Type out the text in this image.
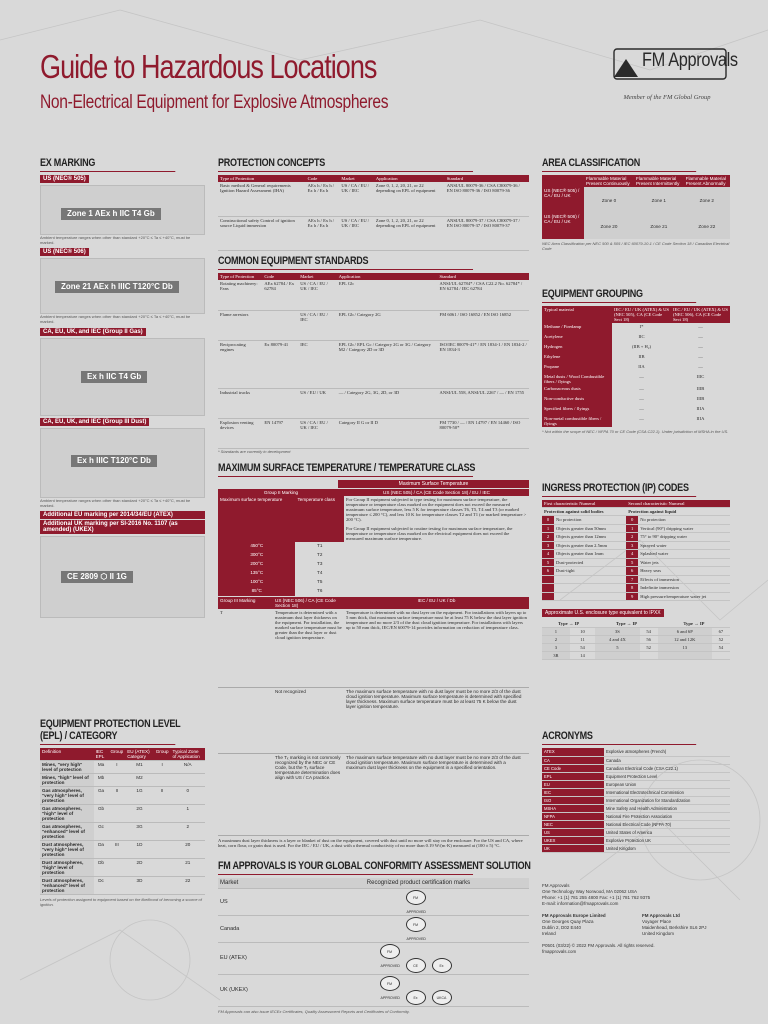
Guide to Hazardous Locations
Non-Electrical Equipment for Explosive Atmospheres
FM Approvals
Member of the FM Global Group
EX MARKING
US (NEC® 505)
Zone 1 AEx h IIC T4 Gb
Ambient temperature ranges when other than standard +20°C ≤ Ta ≤ +40°C, must be marked.
US (NEC® 506)
Zone 21 AEx h IIIC T120°C Db
Ambient temperature ranges when other than standard +20°C ≤ Ta ≤ +40°C, must be marked.
CA, EU, UK, and IEC (Group II Gas)
Ex h IIC T4 Gb
CA, EU, UK, and IEC (Group III Dust)
Ex h IIIC T120°C Db
Ambient temperature ranges when other than standard +20°C ≤ Ta ≤ +40°C, must be marked.
Additional EU marking per 2014/34/EU (ATEX)
Additional UK marking per SI-2016 No. 1107 (as amended) (UKEX)
CE 2809 ⬡ II 1G
EQUIPMENT PROTECTION LEVEL
(EPL) / CATEGORY
Definition	IEC EPL	Group	EU (ATEX) Category	Group	Typical Zone of Application
Mines, "very high" level of protection	Ma	I	M1	I	N/A
Mines, "high" level of protection	Mb		M2		
Gas atmospheres, "very high" level of protection	Ga	II	1G	II	0
Gas atmospheres, "high" level of protection	Gb		2G		1
Gas atmospheres, "enhanced" level of protection	Gc		3G		2
Dust atmospheres, "very high" level of protection	Da	III	1D		20
Dust atmospheres, "high" level of protection	Db		2D		21
Dust atmospheres, "enhanced" level of protection	Dc		3D		22
Levels of protection assigned to equipment based on the likelihood of becoming a source of ignition.
PROTECTION CONCEPTS
Type of Protection	Code	Market	Application	Standard
Basic method & General requirements Ignition Hazard Assessment (IHA)	AEx h / Ex h / Ex h / Ex h	US / CA / EU / UK / IEC	Zone 0, 1, 2, 20, 21, or 22 depending on EPL of equipment	ANSI/UL 80079-36 / CSA C80079-36 / EN ISO 80079-36 / ISO 80079-36
Constructional safety Control of ignition source Liquid immersion	AEx h / Ex h / Ex h / Ex h	US / CA / EU / UK / IEC	Zone 0, 1, 2, 20, 21, or 22 depending on EPL of equipment	ANSI/UL 80079-37 / CSA C80079-37 / EN ISO 80079-37 / ISO 80079-37
COMMON EQUIPMENT STANDARDS
Type of Protection	Code	Market	Application	Standard
Rotating machinery: Fans	AEx 62784 / Ex 62784	US / CA / EU / UK / IEC	EPL Gb	ANSI/UL 62784* / CSA C22.2 No. 62784* / EN 62784 / IEC 62784
Flame arrestors		US / CA / EU / IEC	EPL Gb / Category 2G	FM 6061 / ISO 16852 / EN ISO 16852
Reciprocating engines	Ex 80079-41	IEC	EPL Gb / EPL Gc / Category 2G or 3G / Category M2 / Category 2D or 3D	ISO/IEC 80079-41* / EN 1834-1 / EN 1834-2 / EN 1834-3
Industrial trucks		US / EU / UK	— / Category 2G, 3G, 2D, or 3D	ANSI/UL 558, ANSI/UL 2267 / — / EN 1755
Explosion venting devices	EN 14797	US / CA / EU / UK / IEC	Category II G or II D	FM 7730 / — / EN 14797 / EN 14460 / ISO 80079-50*
* Standards are currently in development
MAXIMUM SURFACE TEMPERATURE / TEMPERATURE CLASS
Maximum Surface Temperature
Group II Marking		US (NEC 505) / CA (CE Code Section 18) / EU / IEC
Maximum surface temperature	Temperature class	For Group II equipment subjected to type testing for maximum surface temperature, the temperature or temperature class marked on the equipment does not exceed the measured maximum surface temperature, less 5 K for temperature classes T6, T5, T4 and T3 (or marked temperature ≤ 200 °C), and less 10 K for temperature classes T2 and T1 (or marked temperature > 200 °C).
For Group II equipment subjected to routine testing for maximum surface temperature, the temperature or temperature class marked on the electrical equipment does not exceed the measured maximum surface temperature.

450°C	T1	
300°C	T2	
200°C	T3	
135°C	T4	
100°C	T5	
85°C	T6	
Group III Marking	US (NEC 506) / CA (CE Code Section 18)	IEC / EU / UK / Db
T​​	Temperature is determined with a maximum dust layer thickness on the equipment. For installation, the marked surface temperature must be greater than the dust layer or dust cloud ignition temperature.	Temperature is determined with no dust layer on the equipment. For installations with layers up to 5 mm thick, that maximum surface temperature must be at least 75 K below the dust layer ignition temperature and no more 2/3 of the dust cloud ignition temperature. For installations with layers up to 50 mm thick, IEC/EN 60079-14 provides information on reduction of temperature class.
	Not recognized	The maximum surface temperature with no dust layer must be no more 2/3 of the dust cloud ignition temperature. Maximum surface temperature is determined with specified layer thickness. Maximum surface temperature must be at least 75 K below the dust layer ignition temperature.
	The Tₓ marking is not commonly recognized by the NEC or CE Code, but the Tₓ surface temperature determination does align with US / CA practice.	The maximum surface temperature with no dust layer must be no more 2/3 of the dust cloud ignition temperature. Maximum surface temperature is determined with a maximum dust layer thickness on the equipment in a specified orientation.
A maximum dust layer thickness is a layer or blanket of dust on the equipment, covered with dust until no more will stay on the enclosure. For the US and CA, where heat, corn flour, or grain dust is used. For the IEC / EU / UK, a dust with a thermal conductivity of no more than 0.19 W/(m·K) measured at (100 ± 5) °C.
FM APPROVALS IS YOUR GLOBAL CONFORMITY ASSESSMENT SOLUTION
Market	Recognized product certification marks
US	FM APPROVED
Canada	FM APPROVED
EU (ATEX)	FM APPROVED CE Ex
UK (UKEX)	FM APPROVED Ex UKCA
FM Approvals can also issue IECEx Certificates, Quality Assessment Reports and Certificates of Conformity.
AREA CLASSIFICATION
	Flammable Material Present Continuously	Flammable Material Present Intermittently	Flammable Material Present Abnormally
US (NEC® 505) / CA / EU / UK	Zone 0	Zone 1	Zone 2
US (NEC® 506) / CA / EU / UK	Zone 20	Zone 21	Zone 22
NEC Area Classification per NEC 500 & 505 / IEC 60079-10-1 / CE Code Section 18 / Canadian Electrical Code
EQUIPMENT GROUPING
Typical material	IEC / EU / UK (ATEX) & US (NEC 505), CA (CE Code Sect 18)	IEC / EU / UK (ATEX) & US (NEC 506), CA (CE Code Sect 18)
Methane / Firedamp	I*	—
Acetylene	IIC	—
Hydrogen	(IIB + H₂)	—
Ethylene	IIB	—
Propane	IIA	—
Metal dusts / Wood Combustible fibers / flyings	—	IIIC
Carbonaceous dusts	—	IIIB
Non-conductive dusts	—	IIIB
Specified fibers / flyings	—	IIIA
Non-metal combustible fibers / flyings	—	IIIA
* Not within the scope of NEC / NFPA 70 or CE Code (CSA C22.1). Under jurisdiction of MSHA in the US.
INGRESS PROTECTION (IP) CODES
First characteristic Numeral		Second characteristic Numeral	
Protection against solid bodies		Protection against liquid	
0	No protection	0	No protection
1	Objects greater than 50mm	1	Vertical (90°) dripping water
2	Objects greater than 12mm	2	75° to 90° dripping water
3	Objects greater than 2.5mm	3	Sprayed water
4	Objects greater than 1mm	4	Splashed water
5	Dust-protected	5	Water jets
6	Dust-tight	6	Heavy seas
		7	Effects of immersion
		8	Indefinite immersion
		9	High pressure/temperature water jet
Approximate U.S. enclosure type equivalent to IPXX
Type → IP		Type → IP		Type → IP	
1	10	3S	54	6 and 6P	67
2	11	4 and 4X	56	12 and 12K	52
3	54	5	52	13	54
3R	14				
ACRONYMS
ATEX	Explosive atmospheres (French)
CA	Canada
CE Code	Canadian Electrical Code (CSA C22.1)
EPL	Equipment Protection Level
EU	European Union
IEC	International Electrotechnical Commission
ISO	International Organization for Standardization
MSHA	Mine Safety and Health Administration
NFPA	National Fire Protection Association
NEC	National Electrical Code (NFPA 70)
US	United States of America
UKEX	Explosive Protection UK
UK	United Kingdom
FM Approvals
One Technology Way Norwood, MA 02062 USA
Phone: +1 (1) 781 255 4800 Fax: +1 (1) 781 762 9375
E-mail: information@fmapprovals.com
FM Approvals Europe Limited
One Georges Quay Plaza
Dublin 2, D02 E440
Ireland
FM Approvals Ltd
Voyager Place
Maidenhead, Berkshire SL6 2PJ
United Kingdom
P0501 (03/22) © 2022 FM Approvals. All rights reserved.
fmapprovals.com
